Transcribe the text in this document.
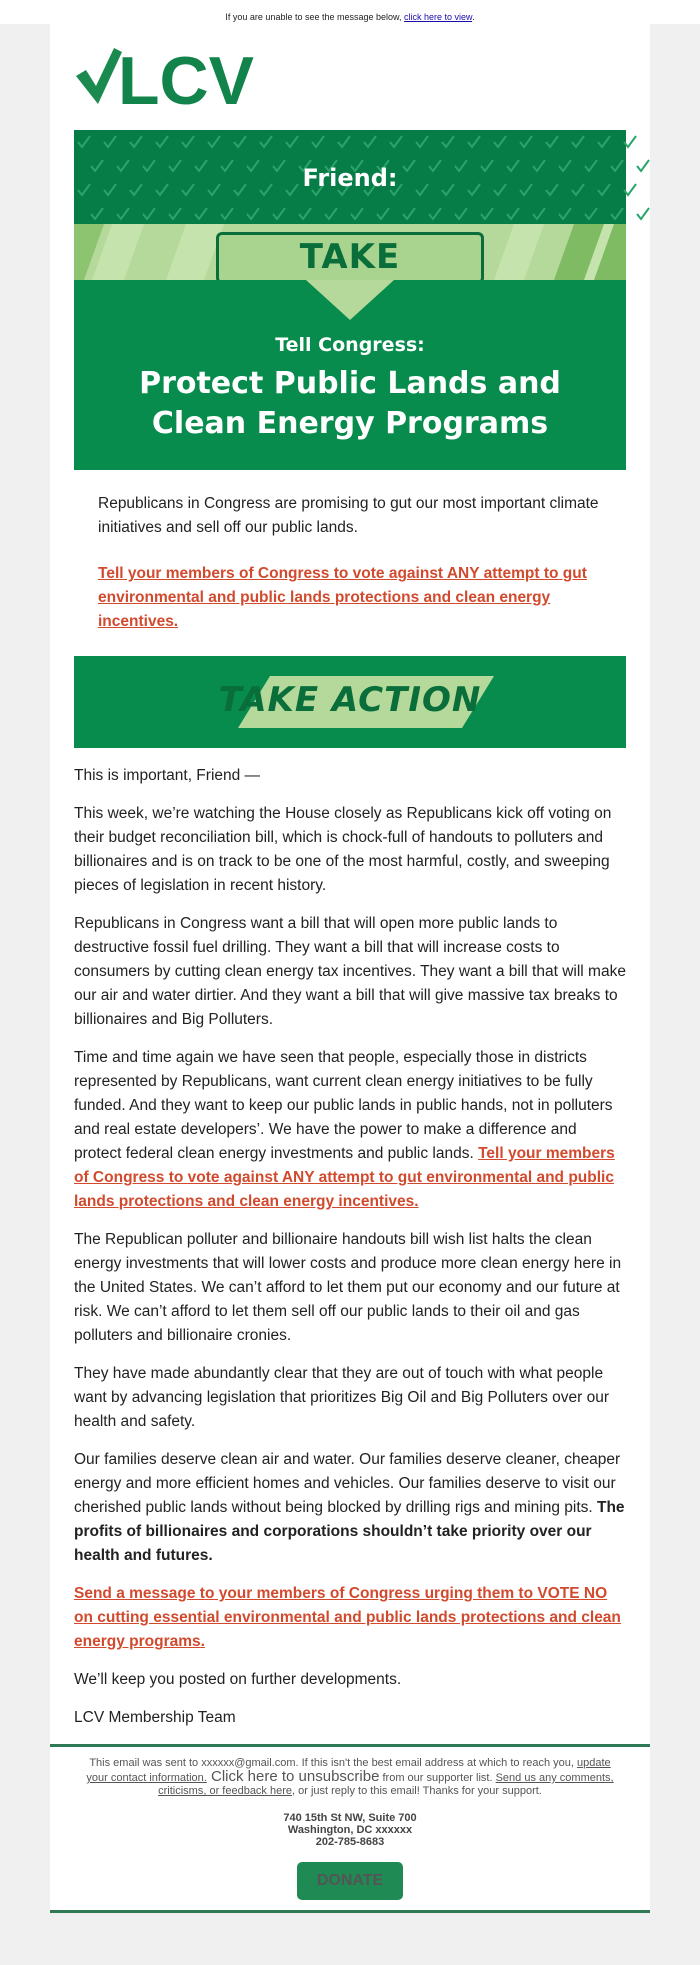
If you are unable to see the message below, click here to view.
LCV
Friend:
TAKE
Tell Congress:
Protect Public Lands and Clean Energy Programs

Republicans in Congress are promising to gut our most important climate initiatives and sell off our public lands.

Tell your members of Congress to vote against ANY attempt to gut environmental and public lands protections and clean energy incentives.

TAKE ACTION

This is important, Friend —

This week, we’re watching the House closely as Republicans kick off voting on their budget reconciliation bill, which is chock-full of handouts to polluters and billionaires and is on track to be one of the most harmful, costly, and sweeping pieces of legislation in recent history.

Republicans in Congress want a bill that will open more public lands to destructive fossil fuel drilling. They want a bill that will increase costs to consumers by cutting clean energy tax incentives. They want a bill that will make our air and water dirtier. And they want a bill that will give massive tax breaks to billionaires and Big Polluters.

Time and time again we have seen that people, especially those in districts represented by Republicans, want current clean energy initiatives to be fully funded. And they want to keep our public lands in public hands, not in polluters and real estate developers’. We have the power to make a difference and protect federal clean energy investments and public lands. Tell your members of Congress to vote against ANY attempt to gut environmental and public lands protections and clean energy incentives.

The Republican polluter and billionaire handouts bill wish list halts the clean energy investments that will lower costs and produce more clean energy here in the United States. We can’t afford to let them put our economy and our future at risk. We can’t afford to let them sell off our public lands to their oil and gas polluters and billionaire cronies.

They have made abundantly clear that they are out of touch with what people want by advancing legislation that prioritizes Big Oil and Big Polluters over our health and safety.

Our families deserve clean air and water. Our families deserve cleaner, cheaper energy and more efficient homes and vehicles. Our families deserve to visit our cherished public lands without being blocked by drilling rigs and mining pits. The profits of billionaires and corporations shouldn’t take priority over our health and futures.

Send a message to your members of Congress urging them to VOTE NO on cutting essential environmental and public lands protections and clean energy programs.

We’ll keep you posted on further developments.

LCV Membership Team

This email was sent to xxxxxx@gmail.com. If this isn't the best email address at which to reach you, update your contact information. Click here to unsubscribe from our supporter list. Send us any comments, criticisms, or feedback here, or just reply to this email! Thanks for your support.
740 15th St NW, Suite 700
Washington, DC xxxxxx
202-785-8683
DONATE
